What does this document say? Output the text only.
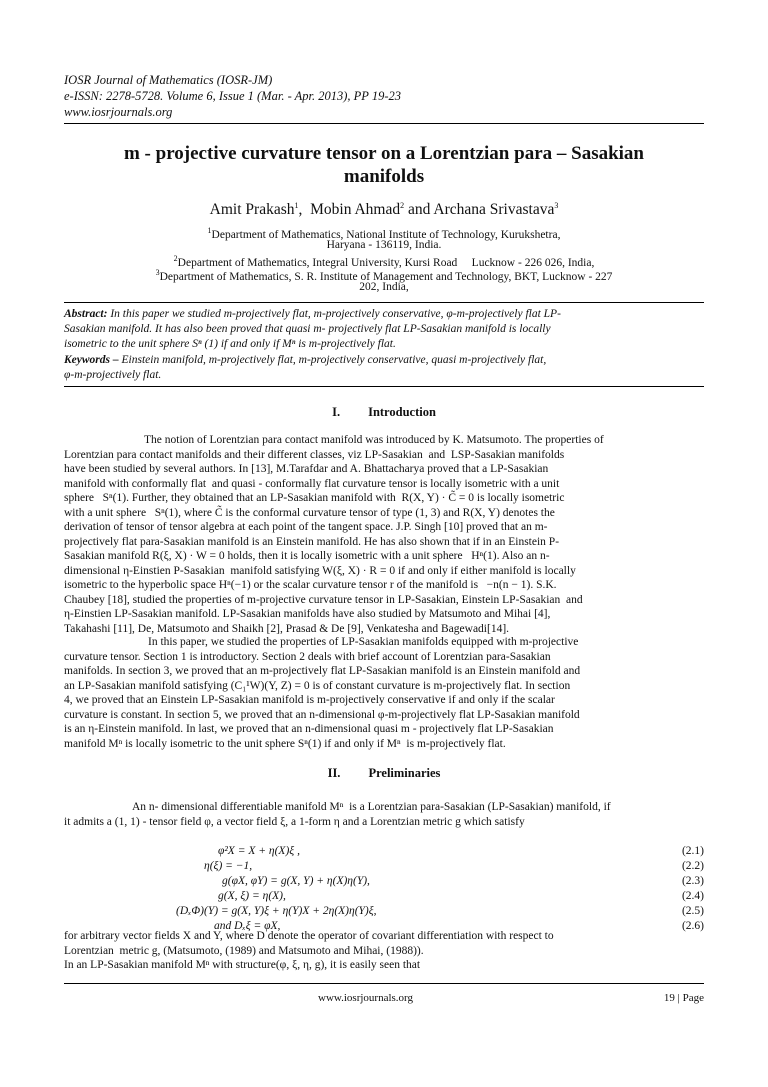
IOSR Journal of Mathematics (IOSR-JM)
e-ISSN: 2278-5728. Volume 6, Issue 1 (Mar. - Apr. 2013), PP 19-23
www.iosrjournals.org
m - projective curvature tensor on a Lorentzian para – Sasakian
manifolds
Amit Prakash$^1$,  Mobin Ahmad$^2$ and Archana Srivastava$^3$
$^1$Department of Mathematics, National Institute of Technology, Kurukshetra,
Haryana - 136119, India.
$^2$Department of Mathematics, Integral University, Kursi Road     Lucknow - 226 026, India,
$^3$Department of Mathematics, S. R. Institute of Management and Technology, BKT, Lucknow - 227
202, India,
Abstract: In this paper we studied m-projectively flat, m-projectively conservative, φ-m-projectively flat LP-
Sasakian manifold. It has also been proved that quasi m- projectively flat LP-Sasakian manifold is locally
isometric to the unit sphere Sⁿ (1) if and only if Mⁿ is m-projectively flat.
Keywords – Einstein manifold, m-projectively flat, m-projectively conservative, quasi m-projectively flat,
φ-m-projectively flat.
I. Introduction
The notion of Lorentzian para contact manifold was introduced by K. Matsumoto. The properties of
Lorentzian para contact manifolds and their different classes, viz LP-Sasakian  and  LSP-Sasakian manifolds
have been studied by several authors. In [13], M.Tarafdar and A. Bhattacharya proved that a LP-Sasakian
manifold with conformally flat  and quasi - conformally flat curvature tensor is locally isometric with a unit
sphere   Sⁿ(1). Further, they obtained that an LP-Sasakian manifold with  R(X, Y) · C̃ = 0 is locally isometric
with a unit sphere   Sⁿ(1), where C̃ is the conformal curvature tensor of type (1, 3) and R(X, Y) denotes the
derivation of tensor of tensor algebra at each point of the tangent space. J.P. Singh [10] proved that an m-
projectively flat para-Sasakian manifold is an Einstein manifold. He has also shown that if in an Einstein P-
Sasakian manifold R(ξ, X) · W = 0 holds, then it is locally isometric with a unit sphere   Hⁿ(1). Also an n-
dimensional η-Einstien P-Sasakian  manifold satisfying W(ξ, X) · R = 0 if and only if either manifold is locally
isometric to the hyperbolic space Hⁿ(−1) or the scalar curvature tensor r of the manifold is   −n(n − 1). S.K.
Chaubey [18], studied the properties of m-projective curvature tensor in LP-Sasakian, Einstein LP-Sasakian  and
η-Einstien LP-Sasakian manifold. LP-Sasakian manifolds have also studied by Matsumoto and Mihai [4],
Takahashi [11], De, Matsumoto and Shaikh [2], Prasad & De [9], Venkatesha and Bagewadi[14].
In this paper, we studied the properties of LP-Sasakian manifolds equipped with m-projective
curvature tensor. Section 1 is introductory. Section 2 deals with brief account of Lorentzian para-Sasakian
manifolds. In section 3, we proved that an m-projectively flat LP-Sasakian manifold is an Einstein manifold and
an LP-Sasakian manifold satisfying (C₁¹W)(Y, Z) = 0 is of constant curvature is m-projectively flat. In section
4, we proved that an Einstein LP-Sasakian manifold is m-projectively conservative if and only if the scalar
curvature is constant. In section 5, we proved that an n-dimensional φ-m-projectively flat LP-Sasakian manifold
is an η-Einstein manifold. In last, we proved that an n-dimensional quasi m - projectively flat LP-Sasakian
manifold Mⁿ is locally isometric to the unit sphere Sⁿ(1) if and only if Mⁿ  is m-projectively flat.
II. Preliminaries
An n- dimensional differentiable manifold Mⁿ  is a Lorentzian para-Sasakian (LP-Sasakian) manifold, if
it admits a (1, 1) - tensor field φ, a vector field ξ, a 1-form η and a Lorentzian metric g which satisfy
φ²X = X + η(X)ξ ,	(2.1)
η(ξ) = −1,	(2.2)
g(φX, φY) = g(X, Y) + η(X)η(Y),	(2.3)
g(X, ξ) = η(X),	(2.4)
(DₓΦ)(Y) = g(X, Y)ξ + η(Y)X + 2η(X)η(Y)ξ,	(2.5)
and Dₓξ = φX,	(2.6)
for arbitrary vector fields X and Y, where D denote the operator of covariant differentiation with respect to
Lorentzian  metric g, (Matsumoto, (1989) and Matsumoto and Mihai, (1988)).
In an LP-Sasakian manifold Mⁿ with structure(φ, ξ, η, g), it is easily seen that
www.iosrjournals.org	19 | Page
